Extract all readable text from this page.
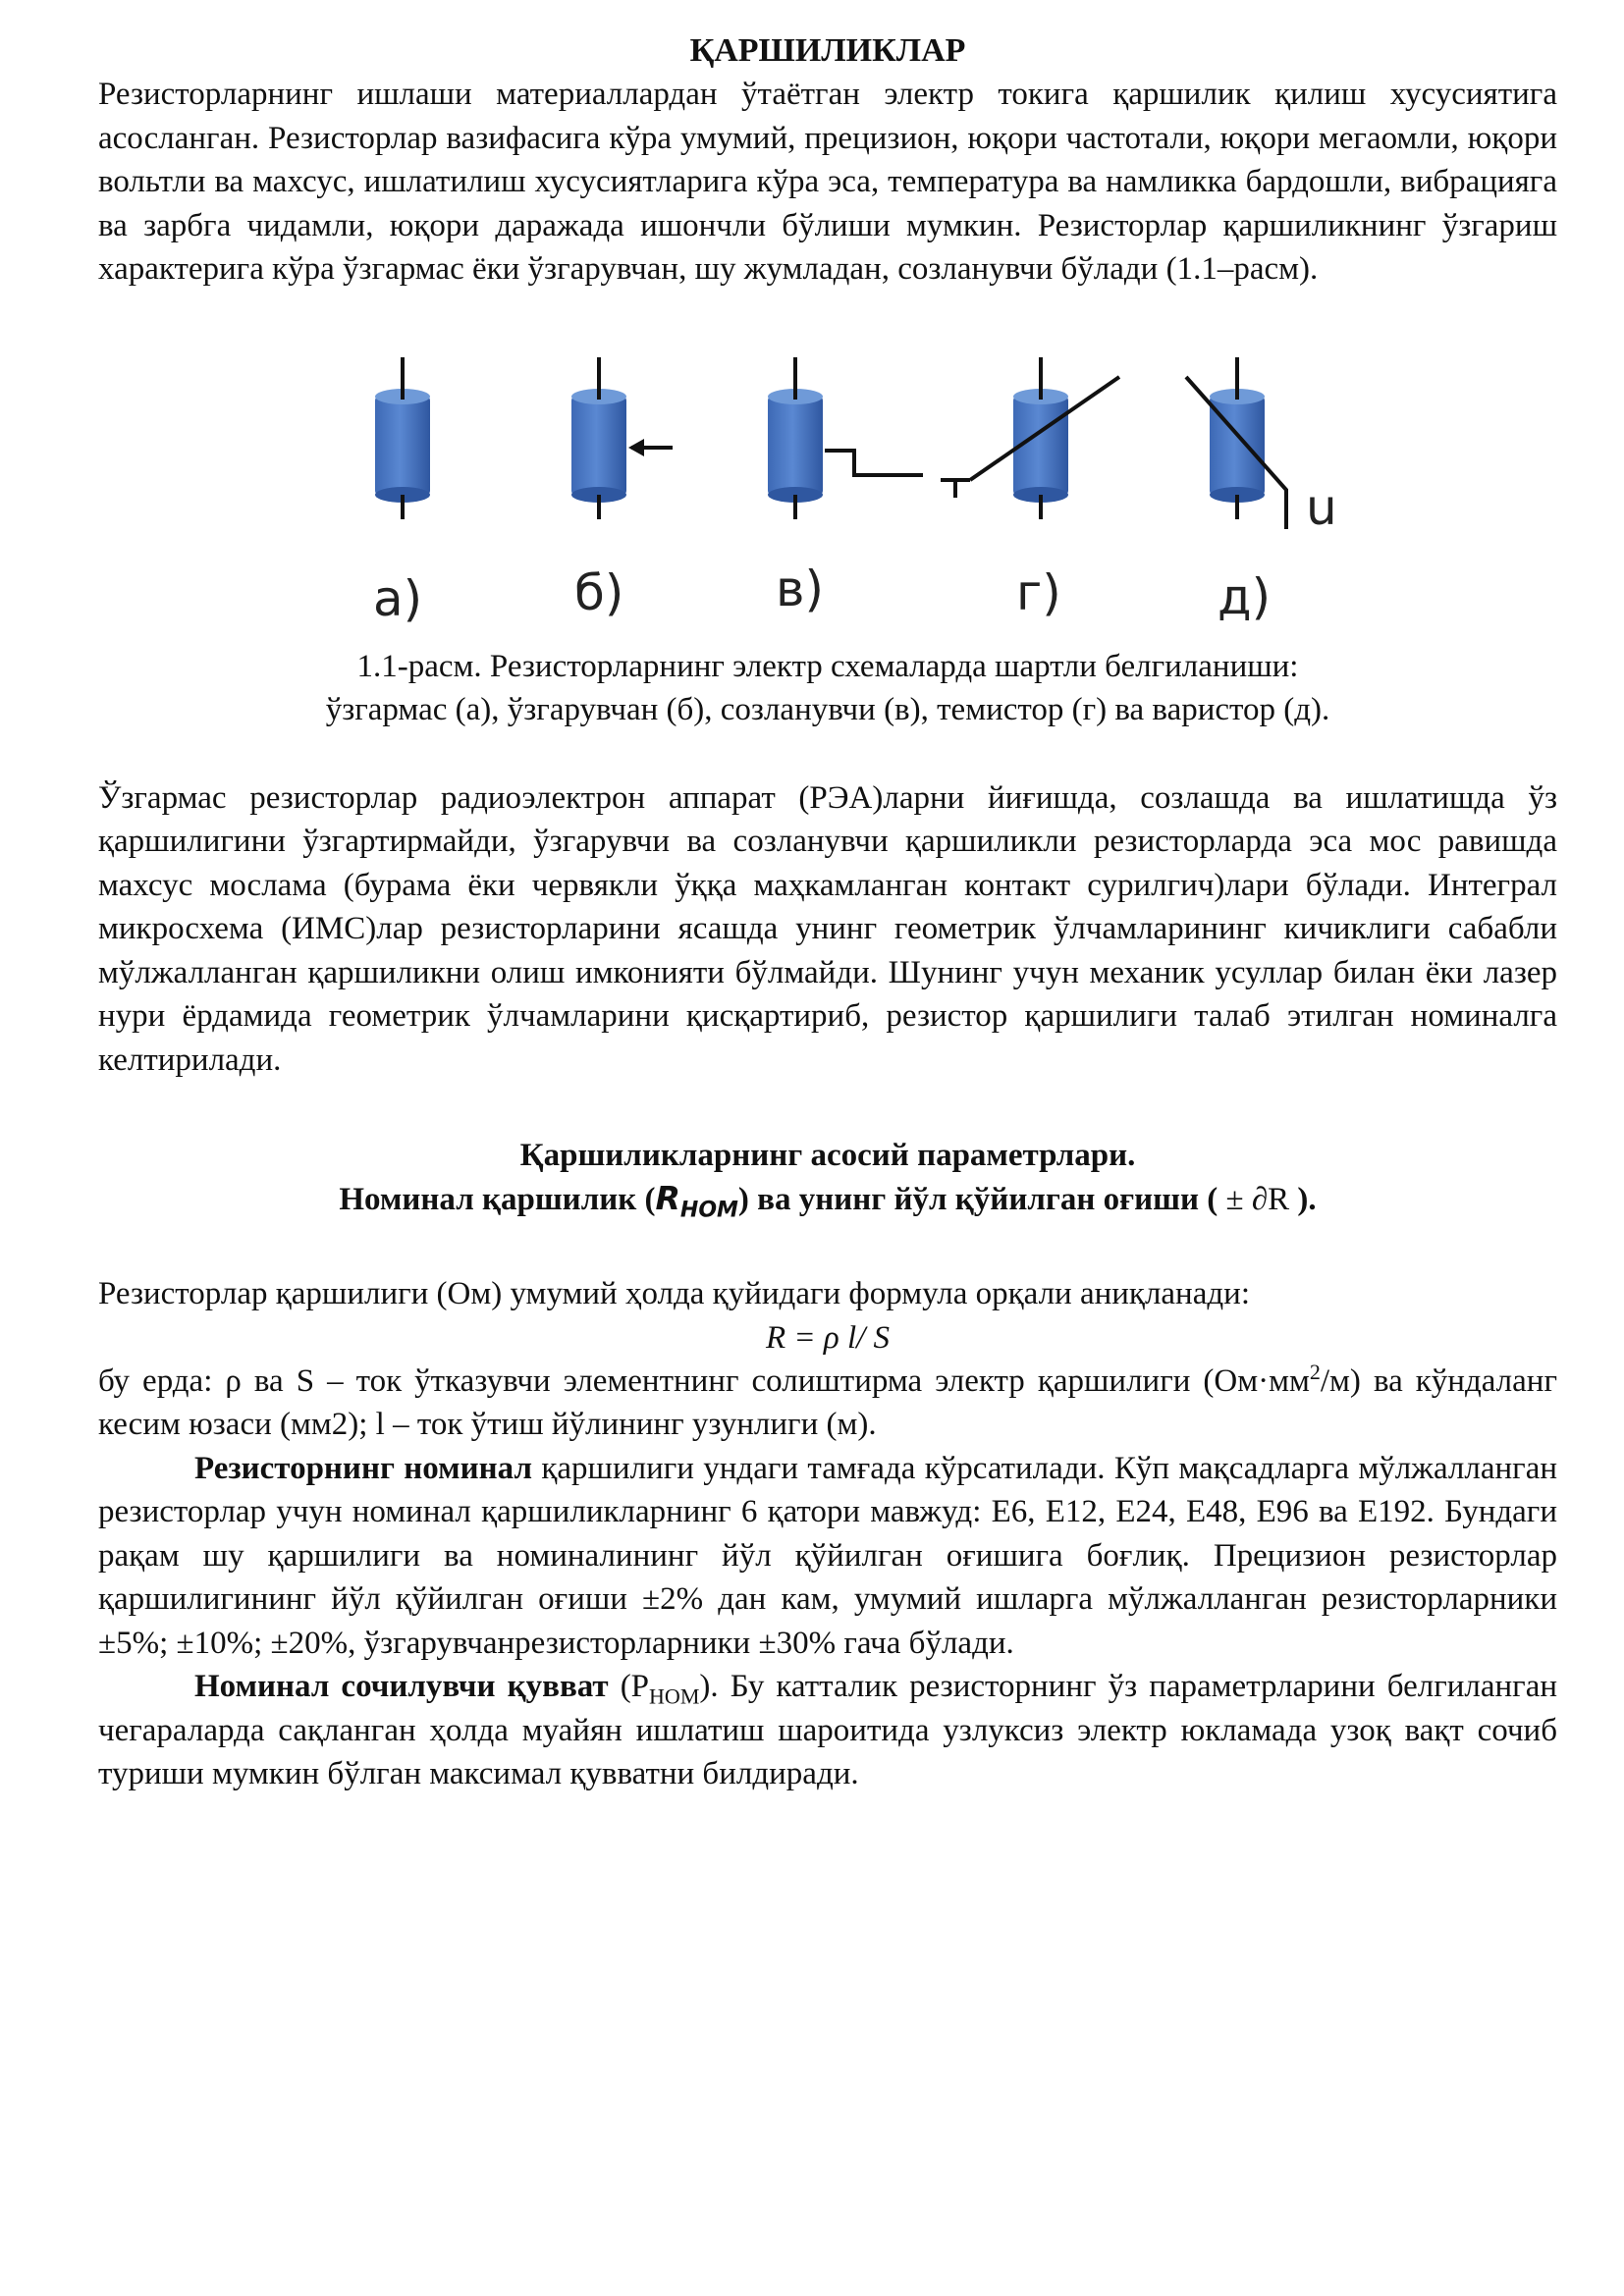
ҚАРШИЛИКЛАР

Резисторларнинг ишлаши материаллардан ўтаётган электр токига қаршилик қилиш хусусиятига асосланган. Резисторлар вазифасига кўра умумий, прецизион, юқори частотали, юқори мегаомли, юқори вольтли ва махсус, ишлатилиш хусусиятларига кўра эса, температура ва намликка бардошли, вибрацияга ва зарбга чидамли, юқори даражада ишончли бўлиши мумкин. Резисторлар қаршиликнинг ўзгариш характерига кўра ўзгармас ёки ўзгарувчан, шу жумладан, созланувчи бўлади (1.1–расм).

u
а)	б)	в)	г)	д)
1.1-расм. Резисторларнинг электр схемаларда шартли белгиланиши:
ўзгармас (а), ўзгарувчан (б), созланувчи (в), темистор (г) ва варистор (д).

Ўзгармас резисторлар радиоэлектрон аппарат (РЭА)ларни йиғишда, созлашда ва ишлатишда ўз қаршилигини ўзгартирмайди, ўзгарувчи ва созланувчи қаршиликли резисторларда эса мос равишда махсус мослама (бурама ёки червякли ўққа маҳкамланган контакт сурилгич)лари бўлади. Интеграл микросхема (ИМС)лар резисторларини ясашда унинг геометрик ўлчамларининг кичиклиги сабабли мўлжалланган қаршиликни олиш имконияти бўлмайди. Шунинг учун механик усуллар билан ёки лазер нури ёрдамида геометрик ўлчамларини қисқартириб, резистор қаршилиги талаб этилган номиналга келтирилади.

Қаршиликларнинг асосий параметрлари.
Номинал қаршилик $(R_{НОМ})$ ва унинг йўл қўйилган оғиши ( ± ∂R ).

Резисторлар қаршилиги (Ом) умумий ҳолда қуйидаги формула орқали аниқланади:

R = ρ l/ S

бу ерда: ρ ва S – ток ўтказувчи элементнинг солиштирма электр қаршилиги $(Ом\cdot мм^2/м)$ ва кўндаланг кесим юзаси (мм2); l – ток ўтиш йўлининг узунлиги (м).

Резисторнинг номинал қаршилиги ундаги тамғада кўрсатилади. Кўп мақсадларга мўлжалланган резисторлар учун номинал қаршиликларнинг 6 қатори мавжуд: Е6, Е12, Е24, Е48, Е96 ва Е192. Бундаги рақам шу қаршилиги ва номиналининг йўл қўйилган оғишига боғлиқ. Прецизион резисторлар қаршилигининг йўл қўйилган оғиши ±2% дан кам, умумий ишларга мўлжалланган резисторларники ±5%; ±10%; ±20%, ўзгарувчанрезисторларники ±30% гача бўлади.

Номинал сочилувчи қувват $(Р_{НОМ})$. Бу катталик резисторнинг ўз параметрларини белгиланган чегараларда сақланган ҳолда муайян ишлатиш шароитида узлуксиз электр юкламада узоқ вақт сочиб туриши мумкин бўлган максимал қувватни билдиради.
